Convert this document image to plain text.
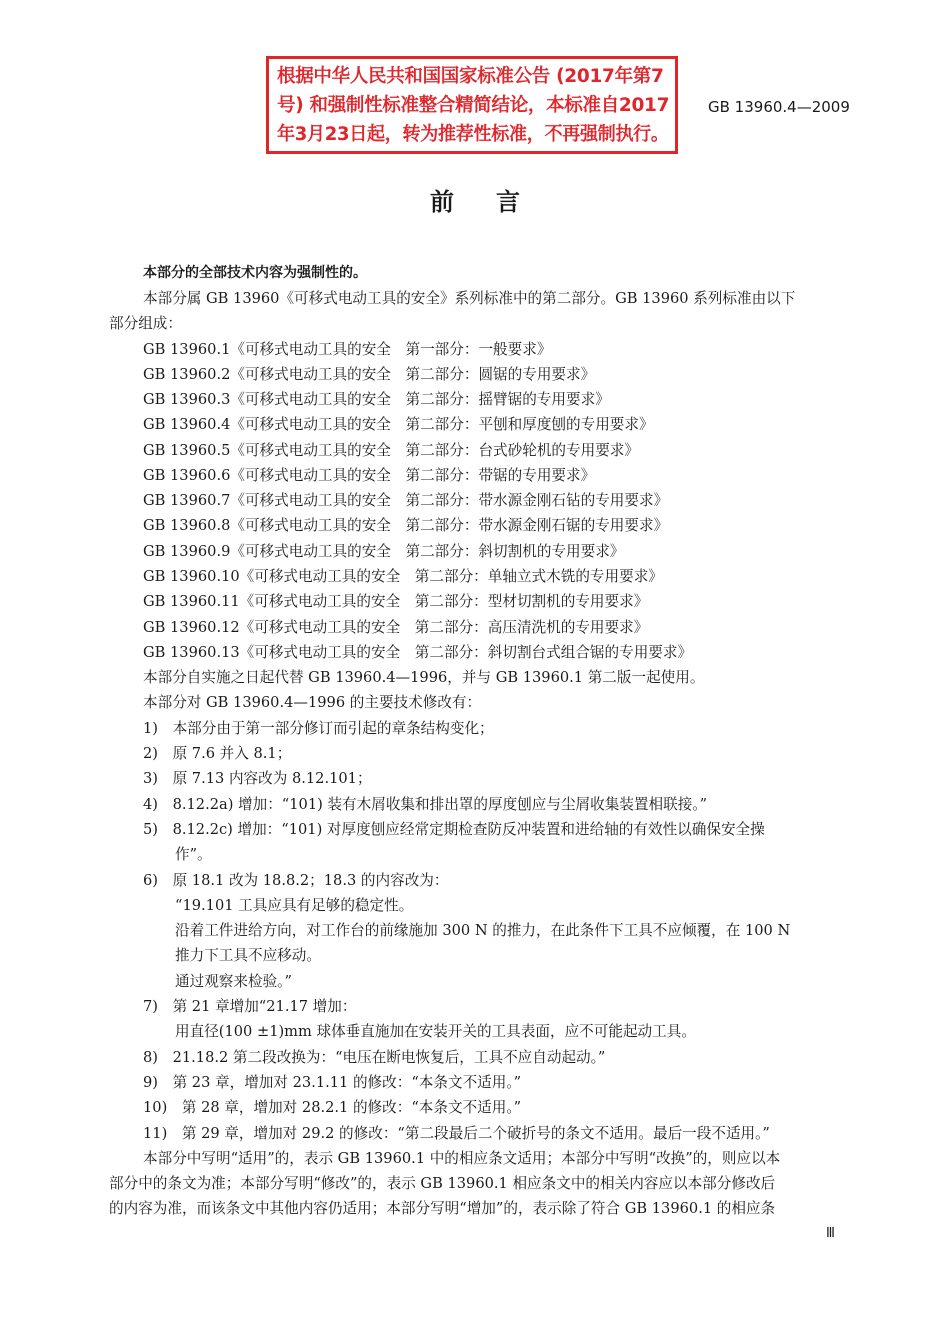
根据中华人民共和国国家标准公告 (2017年第7
号) 和强制性标准整合精简结论，本标准自2017
年3月23日起，转为推荐性标准，不再强制执行。
GB 13960.4—2009
前言
本部分的全部技术内容为强制性的。
本部分属 GB 13960《可移式电动工具的安全》系列标准中的第二部分。GB 13960 系列标准由以下
部分组成：
GB 13960.1《可移式电动工具的安全　第一部分：一般要求》
GB 13960.2《可移式电动工具的安全　第二部分：圆锯的专用要求》
GB 13960.3《可移式电动工具的安全　第二部分：摇臂锯的专用要求》
GB 13960.4《可移式电动工具的安全　第二部分：平刨和厚度刨的专用要求》
GB 13960.5《可移式电动工具的安全　第二部分：台式砂轮机的专用要求》
GB 13960.6《可移式电动工具的安全　第二部分：带锯的专用要求》
GB 13960.7《可移式电动工具的安全　第二部分：带水源金刚石钻的专用要求》
GB 13960.8《可移式电动工具的安全　第二部分：带水源金刚石锯的专用要求》
GB 13960.9《可移式电动工具的安全　第二部分：斜切割机的专用要求》
GB 13960.10《可移式电动工具的安全　第二部分：单轴立式木铣的专用要求》
GB 13960.11《可移式电动工具的安全　第二部分：型材切割机的专用要求》
GB 13960.12《可移式电动工具的安全　第二部分：高压清洗机的专用要求》
GB 13960.13《可移式电动工具的安全　第二部分：斜切割台式组合锯的专用要求》
本部分自实施之日起代替 GB 13960.4—1996，并与 GB 13960.1 第二版一起使用。
本部分对 GB 13960.4—1996 的主要技术修改有：
1)　本部分由于第一部分修订而引起的章条结构变化；
2)　原 7.6 并入 8.1；
3)　原 7.13 内容改为 8.12.101；
4)　8.12.2a) 增加：“101) 装有木屑收集和排出罩的厚度刨应与尘屑收集装置相联接。”
5)　8.12.2c) 增加：“101) 对厚度刨应经常定期检查防反冲装置和进给轴的有效性以确保安全操
作”。
6)　原 18.1 改为 18.8.2；18.3 的内容改为：
“19.101 工具应具有足够的稳定性。
沿着工件进给方向，对工作台的前缘施加 300 N 的推力，在此条件下工具不应倾覆，在 100 N
推力下工具不应移动。
通过观察来检验。”
7)　第 21 章增加“21.17 增加：
用直径(100 ±1)mm 球体垂直施加在安装开关的工具表面，应不可能起动工具。
8)　21.18.2 第二段改换为：“电压在断电恢复后，工具不应自动起动。”
9)　第 23 章，增加对 23.1.11 的修改：“本条文不适用。”
10)　第 28 章，增加对 28.2.1 的修改：“本条文不适用。”
11)　第 29 章，增加对 29.2 的修改：“第二段最后二个破折号的条文不适用。最后一段不适用。”
本部分中写明“适用”的，表示 GB 13960.1 中的相应条文适用；本部分中写明“改换”的，则应以本
部分中的条文为准；本部分写明“修改”的，表示 GB 13960.1 相应条文中的相关内容应以本部分修改后
的内容为准，而该条文中其他内容仍适用；本部分写明“增加”的，表示除了符合 GB 13960.1 的相应条
Ⅲ
